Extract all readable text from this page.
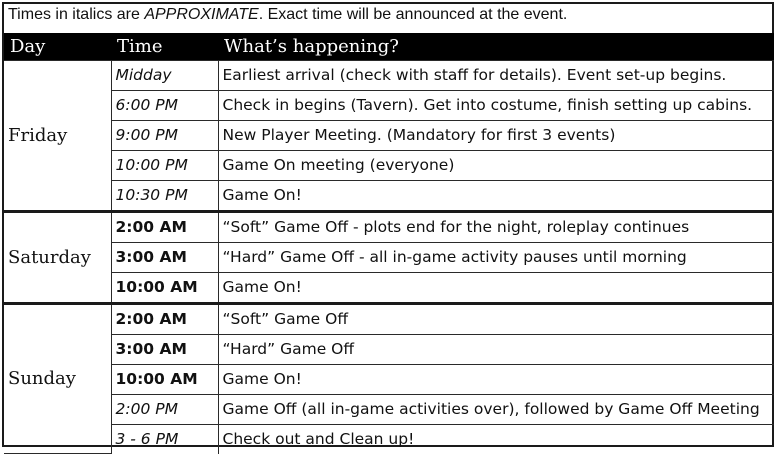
Times in italics are APPROXIMATE. Exact time will be announced at the event.
Day	Time	What’s happening?
Friday	Midday	Earliest arrival (check with staff for details). Event set-up begins.
	6:00 PM	Check in begins (Tavern). Get into costume, finish setting up cabins.
	9:00 PM	New Player Meeting. (Mandatory for first 3 events)
	10:00 PM	Game On meeting (everyone)
	10:30 PM	Game On!
Saturday	2:00 AM	“Soft” Game Off - plots end for the night, roleplay continues
	3:00 AM	“Hard” Game Off - all in-game activity pauses until morning
	10:00 AM	Game On!
Sunday	2:00 AM	“Soft” Game Off
	3:00 AM	“Hard” Game Off
	10:00 AM	Game On!
	2:00 PM	Game Off (all in-game activities over), followed by Game Off Meeting
	3 - 6 PM	Check out and Clean up!
